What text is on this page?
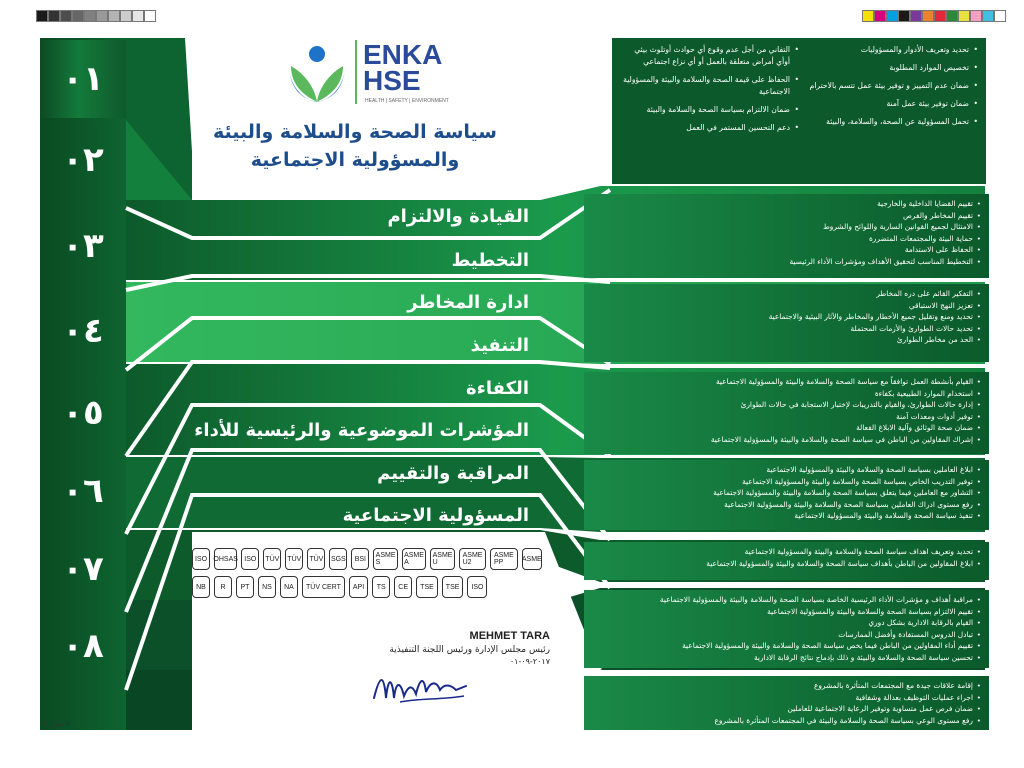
٠١
٠٢
٠٣
٠٤
٠٥
٠٦
٠٧
٠٨
ENKA
HSE
HEALTH | SAFETY | ENVIRONMENT
سياسة الصحة والسلامة والبيئة
والمسؤولية الاجتماعية
• تحديد وتعريف الأدوار والمسؤوليات
• تخصيص الموارد المطلوبة
• ضمان عدم التمييز و توفير بيئة عمل تتسم بالاحترام
• ضمان توفير بيئة عمل آمنة
• تحمل المسؤولية عن الصحة، والسلامة، والبيئة
• التفاني من أجل عدم وقوع أي حوادث أوتلوث بيئي أوأي أمراض متعلقة بالعمل أو أي نزاع اجتماعي
• الحفاظ على قيمة الصحة والسلامة والبيئة والمسؤولية الاجتماعية
• ضمان الالتزام بسياسة الصحة والسلامة والبيئة
• دعم التحسين المستمر في العمل
القيادة والالتزام
التخطيط
ادارة المخاطر
التنفيذ
الكفاءة
المؤشرات الموضوعية والرئيسية للأداء
المراقبة والتقييم
المسؤولية الاجتماعية
• تقييم القضايا الداخلية والخارجية
• تقييم المخاطر والفرص
• الامتثال لجميع القوانين السارية واللوائح والشروط
• حماية البيئة والمجتمعات المتضررة
• الحفاظ على الاستدامة
• التخطيط المناسب لتحقيق الأهداف ومؤشرات الأداء الرئيسية
• التفكير القائم على دره المخاطر
• تعزيز النهج الاستباقي
• تحديد ومنع وتقليل جميع الأخطار والمخاطر والآثار البيئية والاجتماعية
• تحديد حالات الطوارئ والأزمات المحتملة
• الحد من مخاطر الطوارئ
• القيام بأنشطة العمل توافقاً مع سياسة الصحة والسلامة والبيئة والمسؤولية الاجتماعية
• استخدام الموارد الطبيعية بكفاءة
• إدارة حالات الطوارئ، والقيام بالتدريبات لإختبار الاستجابة في حالات الطوارئ
• توفير أدوات ومعدات آمنة
• ضمان صحة الوثائق وآلية الابلاغ الفعالة
• إشراك المقاولين من الباطن في سياسة الصحة والسلامة والبيئة والمسؤولية الاجتماعية
• ابلاغ العاملين بسياسة الصحة والسلامة والبيئة والمسؤولية الاجتماعية
• توفير التدريب الخاص بسياسة الصحة والسلامة والبيئة والمسؤولية الاجتماعية
• التشاور مع العاملين فيما يتعلق بسياسة الصحة والسلامة والبيئة والمسؤولية الاجتماعية
• رفع مستوى ادراك العاملين بسياسة الصحة والسلامة والبيئة والمسؤولية الاجتماعية
• تنفيذ سياسة الصحة والسلامة والبيئة والمسؤولية الاجتماعية
• تحديد وتعريف اهداف سياسة الصحة والسلامة والبيئة والمسؤولية الاجتماعية
• ابلاغ المقاولين من الباطن بأهداف سياسة الصحة والسلامة والبيئة والمسؤولية الاجتماعية
• مراقبة أهداف و مؤشرات الأداء الرئيسية الخاصة بسياسة الصحة والسلامة والبيئة والمسؤولية الاجتماعية
• تقييم الالتزام بسياسة الصحة والسلامة والبيئة والمسؤولية الاجتماعية
• القيام بالرقابة الادارية بشكل دوري
• تبادل الدروس المستفادة وأفضل الممارسات
• تقييم أداء المقاولين من الباطن فيما يخص سياسة الصحة والسلامة والبيئة والمسؤولية الاجتماعية
• تحسين سياسة الصحة والسلامة والبيئة و ذلك بإدماج نتائج الرقابة الادارية
• إقامة علاقات جيدة مع المجتمعات المتأثرة بالمشروع
• اجراء عمليات التوظيف بعدالة وشفافية
• ضمان فرص عمل متساوية وتوفير الرعاية الاجتماعية للعاملين
• رفع مستوى الوعي بسياسة الصحة والسلامة والبيئة في المجتمعات المتأثرة بالمشروع
ISO OHSAS ISO	TÜV TÜV TÜV SGS	BSI	ASME S
ASME A
ASME U
ASME U2
ASME PP	ASME
NB	R	PT	NS	NA	TÜV CERT	API	TS	CE	TSE	TSE	ISO
MEHMET TARA
رئيس مجلس الإدارة ورئيس اللجنة التنفيذية
٢٠١٧-٠٩-٠١
الاصدار ٠٣
